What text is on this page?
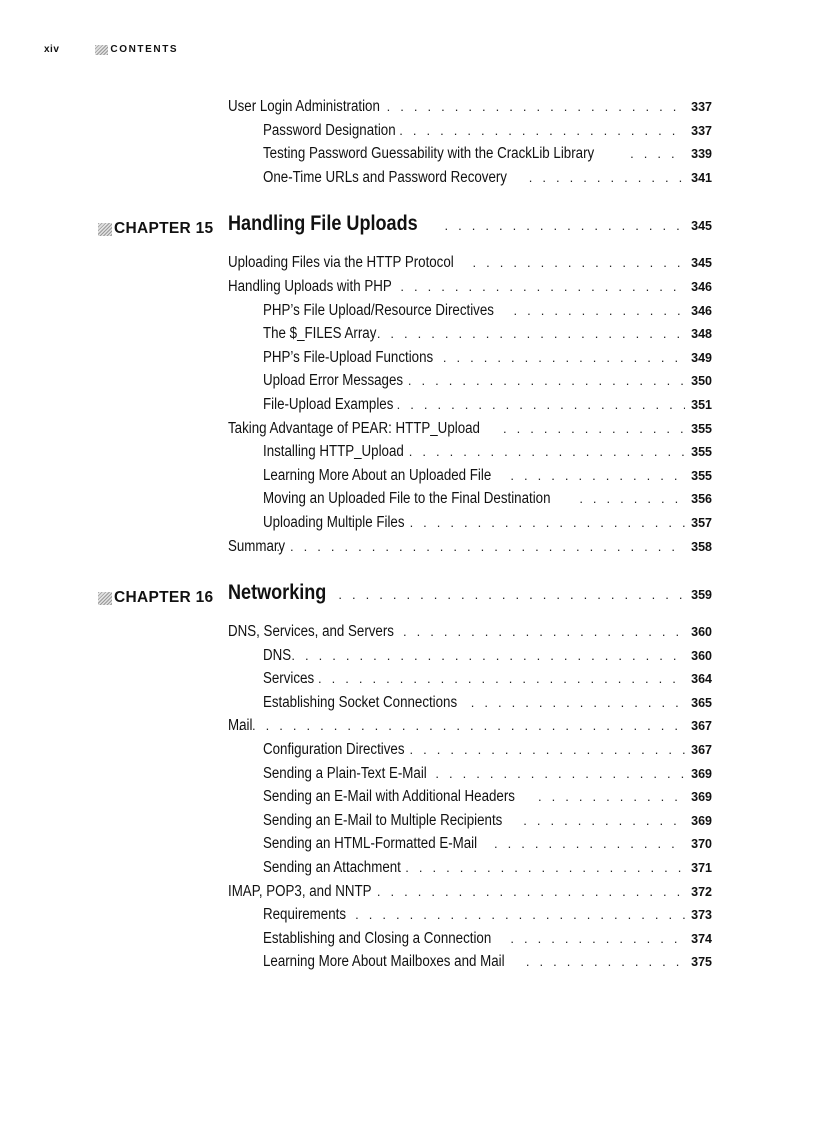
xiv	CONTENTS
User Login Administration . . .	337
Password Designation . . .	337
Testing Password Guessability with the CrackLib Library . . .	339
One-Time URLs and Password Recovery . . .	341
CHAPTER 15 Handling File Uploads . . .	345
Uploading Files via the HTTP Protocol . . .	345
Handling Uploads with PHP . . .	346
PHP’s File Upload/Resource Directives . . .	346
The $_FILES Array . . .	348
PHP’s File-Upload Functions . . .	349
Upload Error Messages . . .	350
File-Upload Examples . . .	351
Taking Advantage of PEAR: HTTP_Upload . . .	355
Installing HTTP_Upload . . .	355
Learning More About an Uploaded File . . .	355
Moving an Uploaded File to the Final Destination . . .	356
Uploading Multiple Files . . .	357
Summary . . .	358
CHAPTER 16 Networking . . .	359
DNS, Services, and Servers . . .	360
DNS . . .	360
Services . . .	364
Establishing Socket Connections . . .	365
Mail . . .	367
Configuration Directives . . .	367
Sending a Plain-Text E-Mail . . .	369
Sending an E-Mail with Additional Headers . . .	369
Sending an E-Mail to Multiple Recipients . . .	369
Sending an HTML-Formatted E-Mail . . .	370
Sending an Attachment . . .	371
IMAP, POP3, and NNTP . . .	372
Requirements . . .	373
Establishing and Closing a Connection . . .	374
Learning More About Mailboxes and Mail . . .	375
